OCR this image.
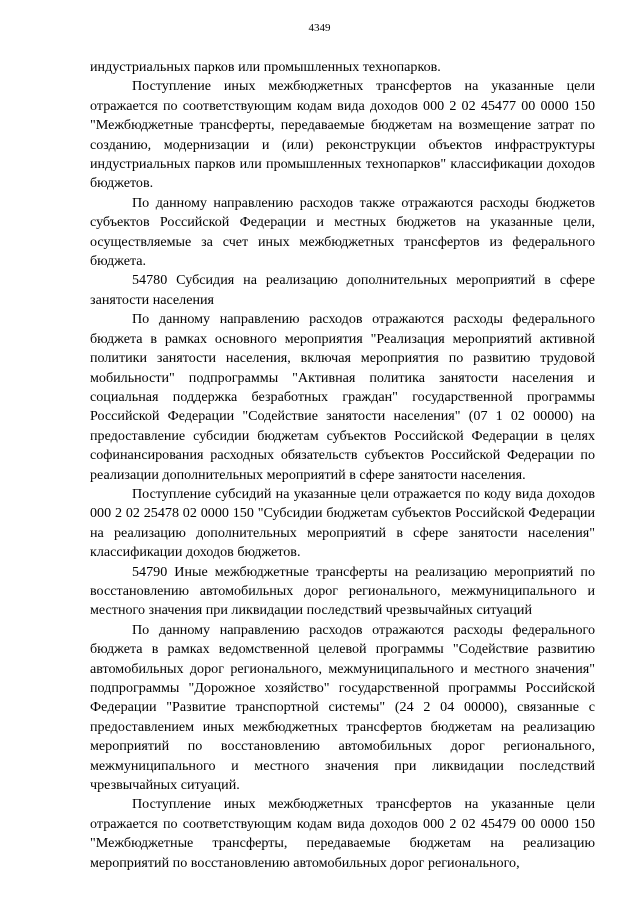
4349

индустриальных парков или промышленных технопарков.

Поступление иных межбюджетных трансфертов на указанные цели отражается по соответствующим кодам вида доходов 000 2 02 45477 00 0000 150 "Межбюджетные трансферты, передаваемые бюджетам на возмещение затрат по созданию, модернизации и (или) реконструкции объектов инфраструктуры индустриальных парков или промышленных технопарков" классификации доходов бюджетов.

По данному направлению расходов также отражаются расходы бюджетов субъектов Российской Федерации и местных бюджетов на указанные цели, осуществляемые за счет иных межбюджетных трансфертов из федерального бюджета.

54780 Субсидия на реализацию дополнительных мероприятий в сфере занятости населения

По данному направлению расходов отражаются расходы федерального бюджета в рамках основного мероприятия "Реализация мероприятий активной политики занятости населения, включая мероприятия по развитию трудовой мобильности" подпрограммы "Активная политика занятости населения и социальная поддержка безработных граждан" государственной программы Российской Федерации "Содействие занятости населения" (07 1 02 00000) на предоставление субсидии бюджетам субъектов Российской Федерации в целях софинансирования расходных обязательств субъектов Российской Федерации по реализации дополнительных мероприятий в сфере занятости населения.

Поступление субсидий на указанные цели отражается по коду вида доходов 000 2 02 25478 02 0000 150 "Субсидии бюджетам субъектов Российской Федерации на реализацию дополнительных мероприятий в сфере занятости населения" классификации доходов бюджетов.

54790 Иные межбюджетные трансферты на реализацию мероприятий по восстановлению автомобильных дорог регионального, межмуниципального и местного значения при ликвидации последствий чрезвычайных ситуаций

По данному направлению расходов отражаются расходы федерального бюджета в рамках ведомственной целевой программы "Содействие развитию автомобильных дорог регионального, межмуниципального и местного значения" подпрограммы "Дорожное хозяйство" государственной программы Российской Федерации "Развитие транспортной системы" (24 2 04 00000), связанные с предоставлением иных межбюджетных трансфертов бюджетам на реализацию мероприятий по восстановлению автомобильных дорог регионального, межмуниципального и местного значения при ликвидации последствий чрезвычайных ситуаций.

Поступление иных межбюджетных трансфертов на указанные цели отражается по соответствующим кодам вида доходов 000 2 02 45479 00 0000 150 "Межбюджетные трансферты, передаваемые бюджетам на реализацию мероприятий по восстановлению автомобильных дорог регионального,
